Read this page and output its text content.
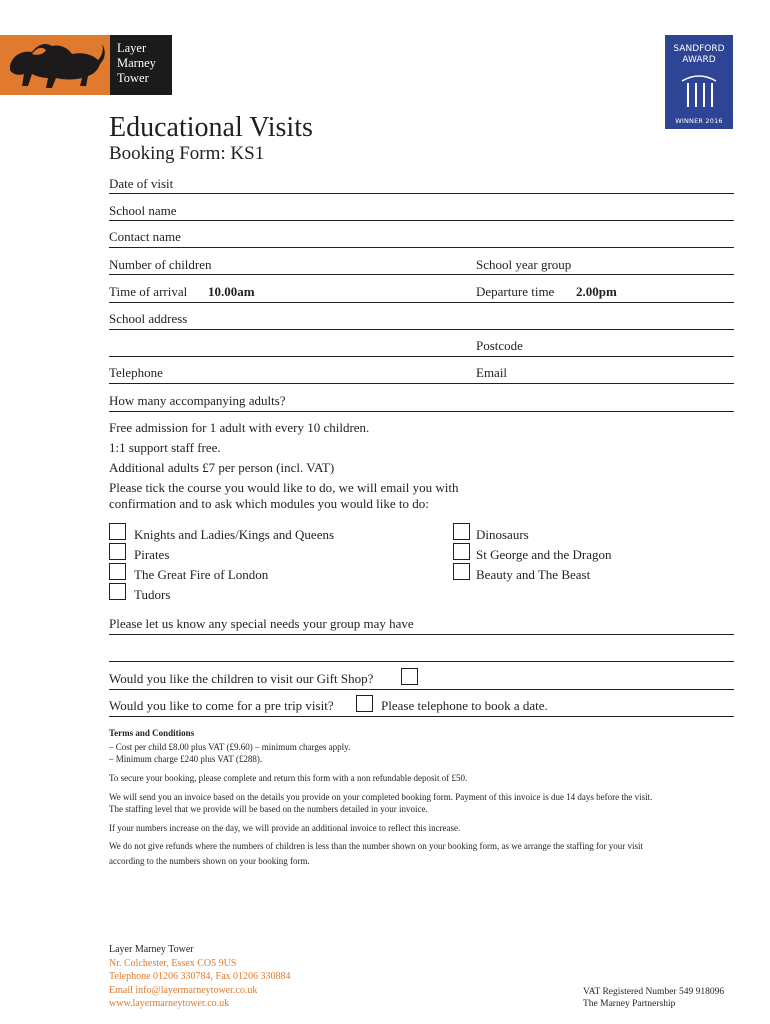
Layer
Marney
Tower
SANDFORD
AWARD
WINNER 2016
Educational Visits
Booking Form: KS1
Date of visit
School name
Contact name
Number of children	School year group
Time of arrival 10.00am	Departure time 2.00pm
School address
Postcode
Telephone	Email
How many accompanying adults?
Free admission for 1 adult with every 10 children.
1:1 support staff free.
Additional adults £7 per person (incl. VAT)
Please tick the course you would like to do, we will email you with
confirmation and to ask which modules you would like to do:
Knights and Ladies/Kings and Queens
Pirates
The Great Fire of London
Tudors
Dinosaurs
St George and the Dragon
Beauty and The Beast
Please let us know any special needs your group may have
Would you like the children to visit our Gift Shop?
Would you like to come for a pre trip visit?	Please telephone to book a date.
Terms and Conditions
– Cost per child £8.00 plus VAT (£9.60) – minimum charges apply.
– Minimum charge £240 plus VAT (£288).
To secure your booking, please complete and return this form with a non refundable deposit of £50.
We will send you an invoice based on the details you provide on your completed booking form. Payment of this invoice is due 14 days before the visit.
The staffing level that we provide will be based on the numbers detailed in your invoice.
If your numbers increase on the day, we will provide an additional invoice to reflect this increase.
We do not give refunds where the numbers of children is less than the number shown on your booking form, as we arrange the staffing for your visit
according to the numbers shown on your booking form.
Layer Marney Tower
Nr. Colchester, Essex CO5 9US
Telephone 01206 330784, Fax 01206 330884
Email info@layermarneytower.co.uk
www.layermarneytower.co.uk
VAT Registered Number 549 918096
The Marney Partnership
